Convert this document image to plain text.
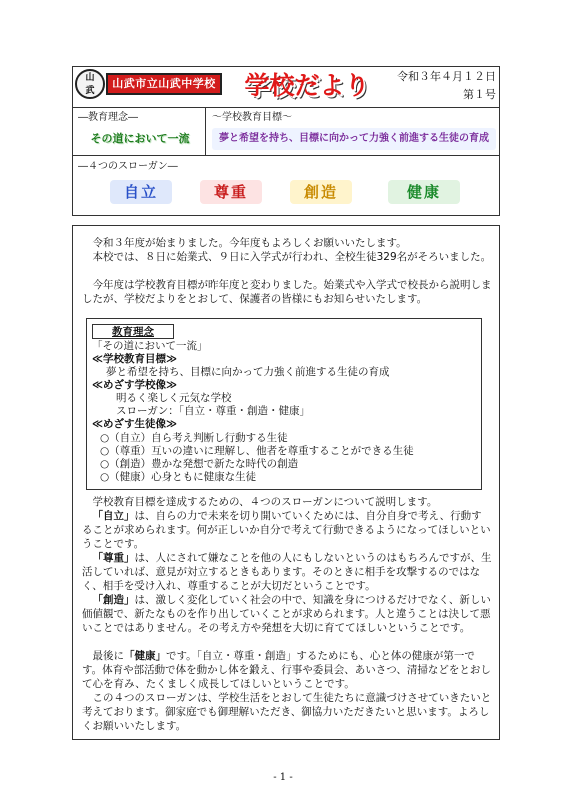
山
武
山武市立山武中学校	学校だより	令和３年４月１２日
第１号
―教育理念―
その道において一流
～学校教育目標～
夢と希望を持ち、目標に向かって力強く前進する生徒の育成
―４つのスローガン―
自立	尊重	創造	健康
令和３年度が始まりました。今年度もよろしくお願いいたします。
本校では、８日に始業式、９日に入学式が行われ、全校生徒329名がそろいました。
今年度は学校教育目標が昨年度と変わりました。始業式や入学式で校長から説明しましたが、学校だよりをとおして、保護者の皆様にもお知らせいたします。
教育理念
「その道において一流」
≪学校教育目標≫
夢と希望を持ち、目標に向かって力強く前進する生徒の育成
≪めざす学校像≫
明るく楽しく元気な学校
スローガン：「自立・尊重・創造・健康」
≪めざす生徒像≫
○（自立）自ら考え判断し行動する生徒
○（尊重）互いの違いに理解し、他者を尊重することができる生徒
○（創造）豊かな発想で新たな時代の創造
○（健康）心身ともに健康な生徒
学校教育目標を達成するための、４つのスローガンについて説明します。
「自立」は、自らの力で未来を切り開いていくためには、自分自身で考え、行動することが求められます。何が正しいか自分で考えて行動できるようになってほしいということです。
「尊重」は、人にされて嫌なことを他の人にもしないというのはもちろんですが、生活していれば、意見が対立するときもあります。そのときに相手を攻撃するのではなく、相手を受け入れ、尊重することが大切だということです。
「創造」は、激しく変化していく社会の中で、知識を身につけるだけでなく、新しい価値観で、新たなものを作り出していくことが求められます。人と違うことは決して悪いことではありません。その考え方や発想を大切に育ててほしいということです。
最後に「健康」です。「自立・尊重・創造」するためにも、心と体の健康が第一です。体育や部活動で体を動かし体を鍛え、行事や委員会、あいさつ、清掃などをとおして心を育み、たくましく成長してほしいということです。
この４つのスローガンは、学校生活をとおして生徒たちに意識づけさせていきたいと考えております。御家庭でも御理解いただき、御協力いただきたいと思います。よろしくお願いいたします。
- 1 -
